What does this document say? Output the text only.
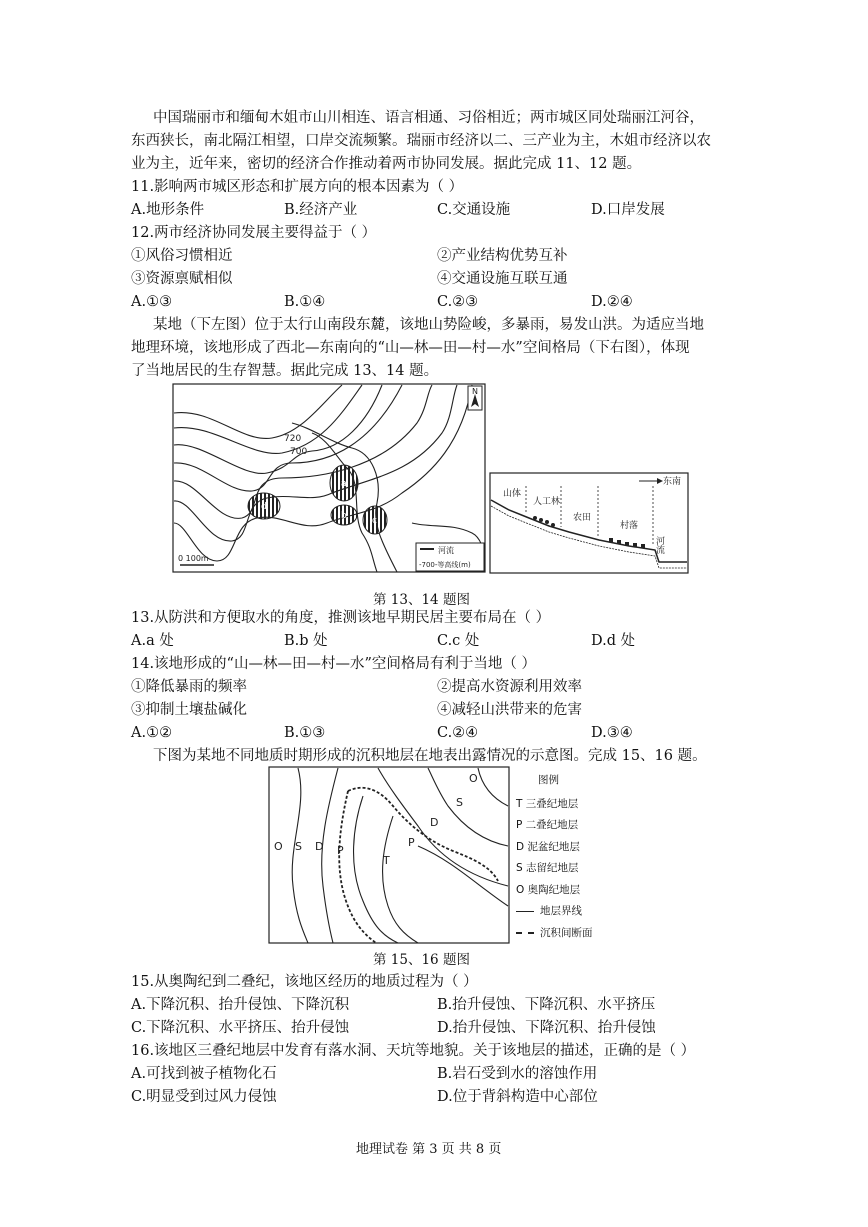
中国瑞丽市和缅甸木姐市山川相连、语言相通、习俗相近；两市城区同处瑞丽江河谷，
东西狭长，南北隔江相望，口岸交流频繁。瑞丽市经济以二、三产业为主，木姐市经济以农
业为主，近年来，密切的经济合作推动着两市协同发展。据此完成 11、12 题。
11.影响两市城区形态和扩展方向的根本因素为（ ）
A.地形条件	B.经济产业	C.交通设施	D.口岸发展
12.两市经济协同发展主要得益于（ ）
①风俗习惯相近	②产业结构优势互补
③资源禀赋相似	④交通设施互联互通
A.①③	B.①④	C.②③	D.②④
某地（下左图）位于太行山南段东麓，该地山势险峻，多暴雨，易发山洪。为适应当地
地理环境，该地形成了西北—东南向的“山—林—田—村—水”空间格局（下右图），体现
了当地居民的生存智慧。据此完成 13、14 题。
720
700
a
d
b	c
N
0 100m
河流
-700-等高线(m)
东南
山体
人工林
农田
村落
河流
第 13、14 题图
13.从防洪和方便取水的角度，推测该地早期民居主要布局在（ ）
A.a 处	B.b 处	C.c 处	D.d 处
14.该地形成的“山—林—田—村—水”空间格局有利于当地（ ）
①降低暴雨的频率	②提高水资源利用效率
③抑制土壤盐碱化	④减轻山洪带来的危害
A.①②	B.①③	C.②④	D.③④
下图为某地不同地质时期形成的沉积地层在地表出露情况的示意图。完成 15、16 题。
O S D P
T
P
D
S
O	图例
T 三叠纪地层
P 二叠纪地层
D 泥盆纪地层
S 志留纪地层
O 奥陶纪地层
地层界线
沉积间断面
第 15、16 题图
15.从奥陶纪到二叠纪，该地区经历的地质过程为（ ）
A.下降沉积、抬升侵蚀、下降沉积	B.抬升侵蚀、下降沉积、水平挤压
C.下降沉积、水平挤压、抬升侵蚀	D.抬升侵蚀、下降沉积、抬升侵蚀
16.该地区三叠纪地层中发育有落水洞、天坑等地貌。关于该地层的描述，正确的是（ ）
A.可找到被子植物化石	B.岩石受到水的溶蚀作用
C.明显受到过风力侵蚀	D.位于背斜构造中心部位
地理试卷 第 3 页 共 8 页
